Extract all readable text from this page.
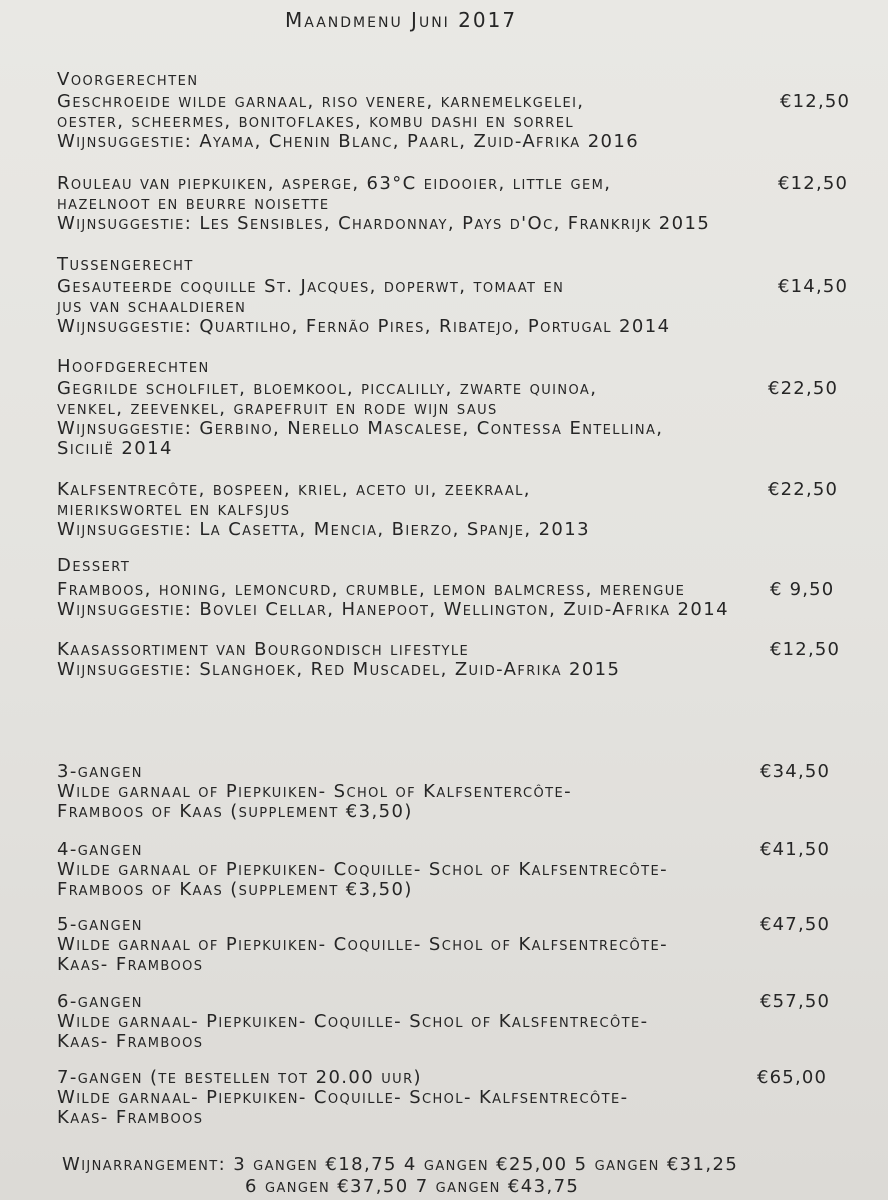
Maandmenu Juni 2017
Voorgerechten
Geschroeide wilde garnaal, riso venere, karnemelkgelei,
oester, scheermes, bonitoflakes, kombu dashi en sorrel
€12,50
Wijnsuggestie: Ayama, Chenin Blanc, Paarl, Zuid-Afrika 2016
Rouleau van piepkuiken, asperge, 63°C eidooier, little gem,
hazelnoot en beurre noisette
€12,50
Wijnsuggestie: Les Sensibles, Chardonnay, Pays d'Oc, Frankrijk 2015
Tussengerecht
Gesauteerde coquille St. Jacques, doperwt, tomaat en
jus van schaaldieren
€14,50
Wijnsuggestie: Quartilho, Fernão Pires, Ribatejo, Portugal 2014
Hoofdgerechten
Gegrilde scholfilet, bloemkool, piccalilly, zwarte quinoa,
venkel, zeevenkel, grapefruit en rode wijn saus
€22,50
Wijnsuggestie: Gerbino, Nerello Mascalese, Contessa Entellina,
Sicilië 2014
Kalfsentrecôte, bospeen, kriel, aceto ui, zeekraal,
mierikswortel en kalfsjus
€22,50
Wijnsuggestie: La Casetta, Mencia, Bierzo, Spanje, 2013
Dessert
Framboos, honing, lemoncurd, crumble, lemon balmcress, merengue	€ 9,50
Wijnsuggestie: Bovlei Cellar, Hanepoot, Wellington, Zuid-Afrika 2014
Kaasassortiment van Bourgondisch lifestyle	€12,50
Wijnsuggestie: Slanghoek, Red Muscadel, Zuid-Afrika 2015
3-gangen	€34,50
Wilde garnaal of Piepkuiken- Schol of Kalfsentercôte-
Framboos of Kaas (supplement €3,50)
4-gangen	€41,50
Wilde garnaal of Piepkuiken- Coquille- Schol of Kalfsentrecôte-
Framboos of Kaas (supplement €3,50)
5-gangen	€47,50
Wilde garnaal of Piepkuiken- Coquille- Schol of Kalfsentrecôte-
Kaas- Framboos
6-gangen	€57,50
Wilde garnaal- Piepkuiken- Coquille- Schol of Kalsfentrecôte-
Kaas- Framboos
7-gangen (te bestellen tot 20.00 uur)	€65,00
Wilde garnaal- Piepkuiken- Coquille- Schol- Kalfsentrecôte-
Kaas- Framboos
Wijnarrangement: 3 gangen €18,75 4 gangen €25,00 5 gangen €31,25
6 gangen €37,50 7 gangen €43,75
